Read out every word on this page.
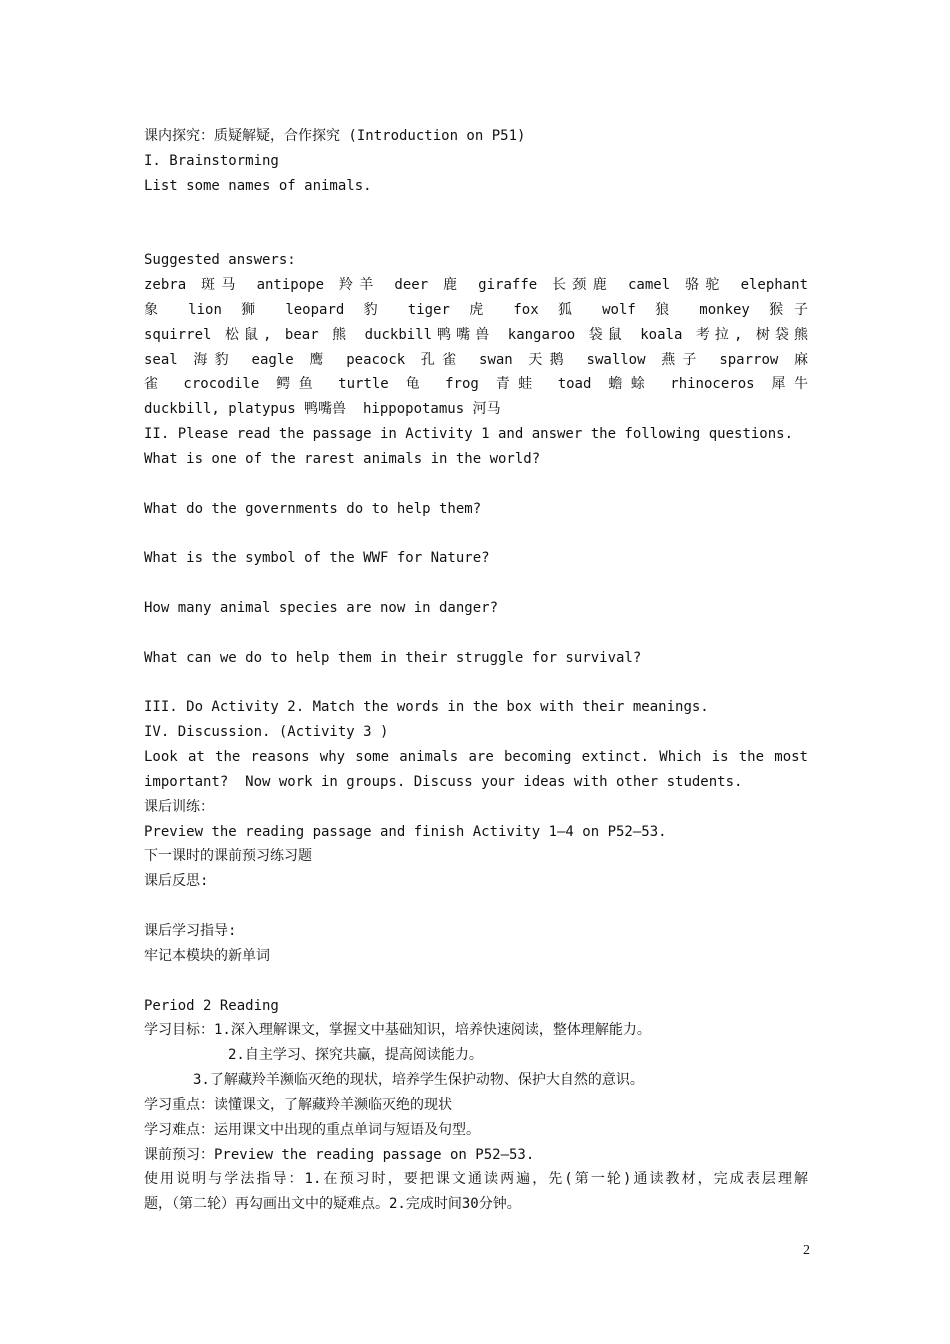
课内探究：质疑解疑，合作探究 (Introduction on P51)
I. Brainstorming
List some names of animals.
Suggested answers:
zebra 斑马 antipope 羚羊 deer 鹿 giraffe 长颈鹿 camel 骆驼 elephant
象 lion 狮 leopard 豹 tiger 虎 fox 狐 wolf 狼 monkey 猴子
squirrel 松鼠, bear 熊 duckbill鸭嘴兽 kangaroo 袋鼠 koala 考拉, 树袋熊
seal 海豹 eagle 鹰 peacock 孔雀 swan 天鹅 swallow 燕子 sparrow 麻
雀 crocodile 鳄鱼 turtle 龟 frog 青蛙 toad 蟾蜍 rhinoceros 犀牛
duckbill, platypus 鸭嘴兽  hippopotamus 河马
II. Please read the passage in Activity 1 and answer the following questions.
What is one of the rarest animals in the world?
What do the governments do to help them?
What is the symbol of the WWF for Nature?
How many animal species are now in danger?
What can we do to help them in their struggle for survival?
III. Do Activity 2. Match the words in the box with their meanings.
IV. Discussion. (Activity 3 )
Look at the reasons why some animals are becoming extinct. Which is the most
important?  Now work in groups. Discuss your ideas with other students.
课后训练：
Preview the reading passage and finish Activity 1—4 on P52—53.
下一课时的课前预习练习题
课后反思:
课后学习指导:
牢记本模块的新单词
Period 2 Reading
学习目标：1.深入理解课文，掌握文中基础知识，培养快速阅读，整体理解能力。
2.自主学习、探究共赢，提高阅读能力。
3.了解藏羚羊濒临灭绝的现状，培养学生保护动物、保护大自然的意识。
学习重点：读懂课文，了解藏羚羊濒临灭绝的现状
学习难点：运用课文中出现的重点单词与短语及句型。
课前预习：Preview the reading passage on P52—53.
使用说明与学法指导：1.在预习时，要把课文通读两遍，先(第一轮)通读教材，完成表层理解
题，（第二轮）再勾画出文中的疑难点。2.完成时间30分钟。
2
